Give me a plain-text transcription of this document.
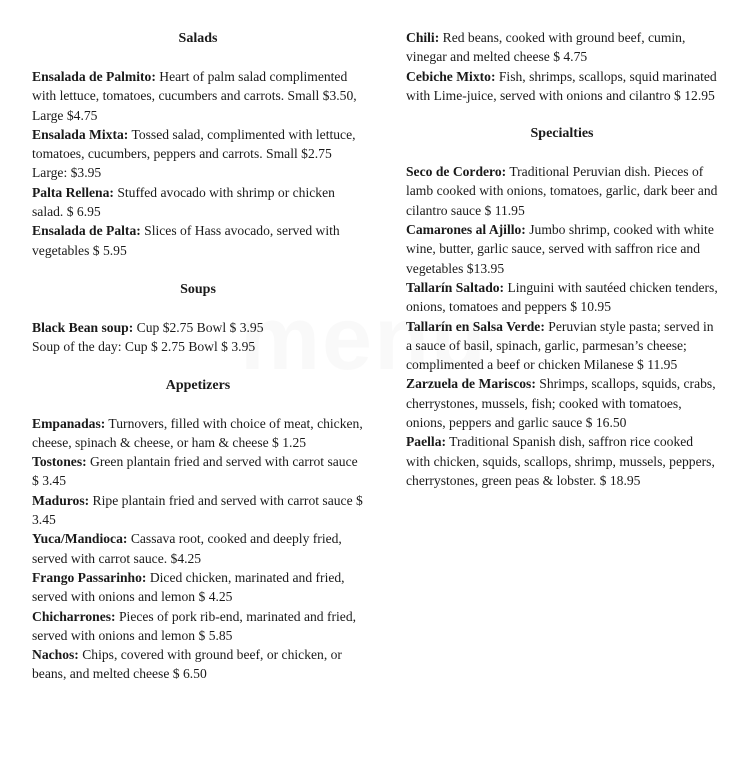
Salads

Ensalada de Palmito: Heart of palm salad complimented with lettuce, tomatoes, cucumbers and carrots. Small $3.50, Large $4.75

Ensalada Mixta: Tossed salad, complimented with lettuce, tomatoes, cucumbers, peppers and carrots. Small $2.75

Large: $3.95

Palta Rellena: Stuffed avocado with shrimp or chicken salad. $ 6.95

Ensalada de Palta: Slices of Hass avocado, served with vegetables $ 5.95

Soups

Black Bean soup: Cup $2.75 Bowl $ 3.95

Soup of the day: Cup $ 2.75 Bowl $ 3.95

Appetizers

Empanadas: Turnovers, filled with choice of meat, chicken, cheese, spinach & cheese, or ham & cheese $ 1.25

Tostones: Green plantain fried and served with carrot sauce $ 3.45

Maduros: Ripe plantain fried and served with carrot sauce $ 3.45

Yuca/Mandioca: Cassava root, cooked and deeply fried, served with carrot sauce. $4.25

Frango Passarinho: Diced chicken, marinated and fried, served with onions and lemon $ 4.25

Chicharrones: Pieces of pork rib-end, marinated and fried, served with onions and lemon $ 5.85

Nachos: Chips, covered with ground beef, or chicken, or beans, and melted cheese $ 6.50

Chili: Red beans, cooked with ground beef, cumin, vinegar and melted cheese $ 4.75

Cebiche Mixto: Fish, shrimps, scallops, squid marinated with Lime-juice, served with onions and cilantro $ 12.95

Specialties

Seco de Cordero: Traditional Peruvian dish. Pieces of lamb cooked with onions, tomatoes, garlic, dark beer and cilantro sauce $ 11.95

Camarones al Ajillo: Jumbo shrimp, cooked with white wine, butter, garlic sauce, served with saffron rice and vegetables $13.95

Tallarín Saltado: Linguini with sautéed chicken tenders, onions, tomatoes and peppers $ 10.95

Tallarín en Salsa Verde: Peruvian style pasta; served in a sauce of basil, spinach, garlic, parmesan’s cheese; complimented a beef or chicken Milanese $ 11.95

Zarzuela de Mariscos: Shrimps, scallops, squids, crabs, cherrystones, mussels, fish; cooked with tomatoes, onions, peppers and garlic sauce $ 16.50

Paella: Traditional Spanish dish, saffron rice cooked with chicken, squids, scallops, shrimp, mussels, peppers, cherrystones, green peas & lobster. $ 18.95
